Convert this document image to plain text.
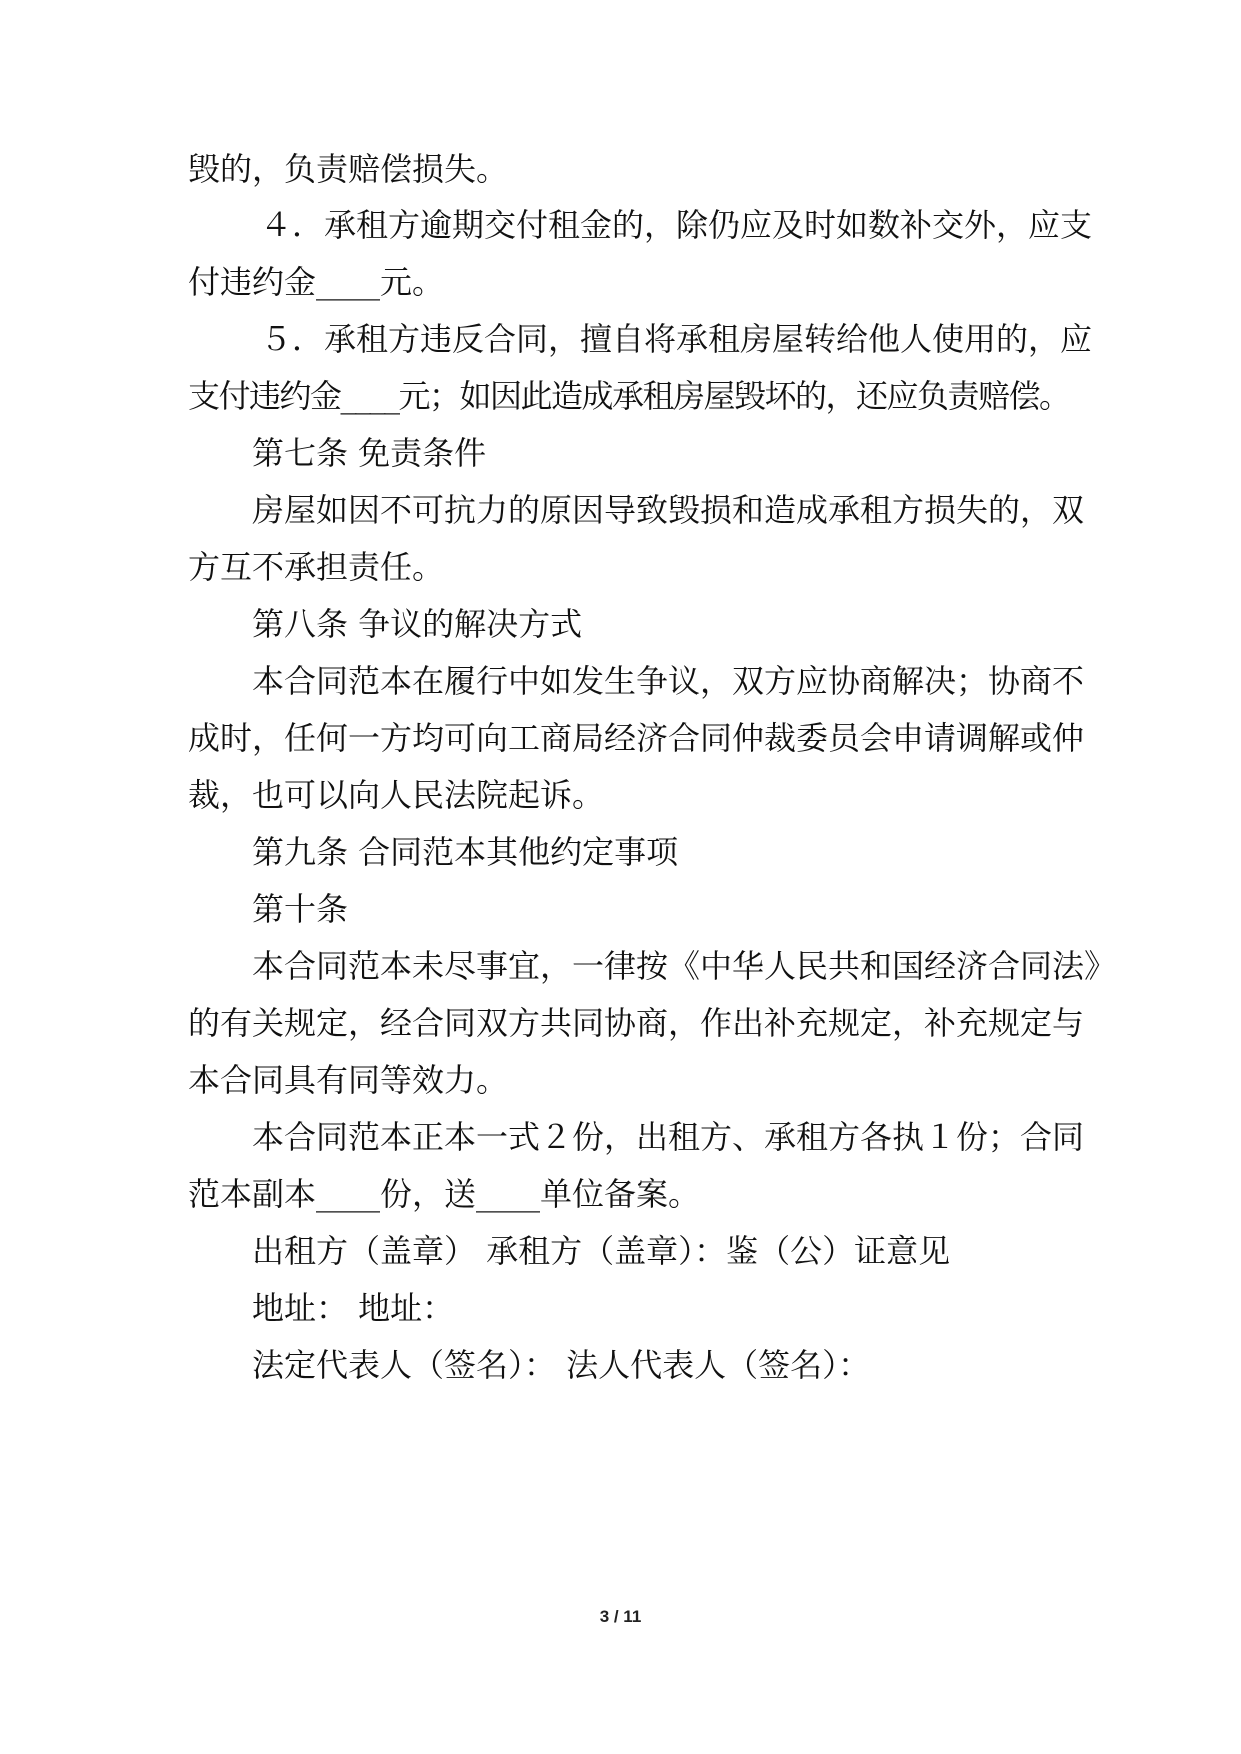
毁的，负责赔偿损失。
４．承租方逾期交付租金的，除仍应及时如数补交外，应支
付违约金____元。
５．承租方违反合同，擅自将承租房屋转给他人使用的，应
支付违约金____元；如因此造成承租房屋毁坏的，还应负责赔偿。
第七条 免责条件
房屋如因不可抗力的原因导致毁损和造成承租方损失的，双
方互不承担责任。
第八条 争议的解决方式
本合同范本在履行中如发生争议，双方应协商解决；协商不
成时，任何一方均可向工商局经济合同仲裁委员会申请调解或仲
裁，也可以向人民法院起诉。
第九条 合同范本其他约定事项
第十条
本合同范本未尽事宜，一律按《中华人民共和国经济合同法》
的有关规定，经合同双方共同协商，作出补充规定，补充规定与
本合同具有同等效力。
本合同范本正本一式２份，出租方、承租方各执１份；合同
范本副本____份，送____单位备案。
出租方（盖章） 承租方（盖章）：鉴（公）证意见
地址： 地址：
法定代表人（签名）： 法人代表人（签名）：
3 / 11
